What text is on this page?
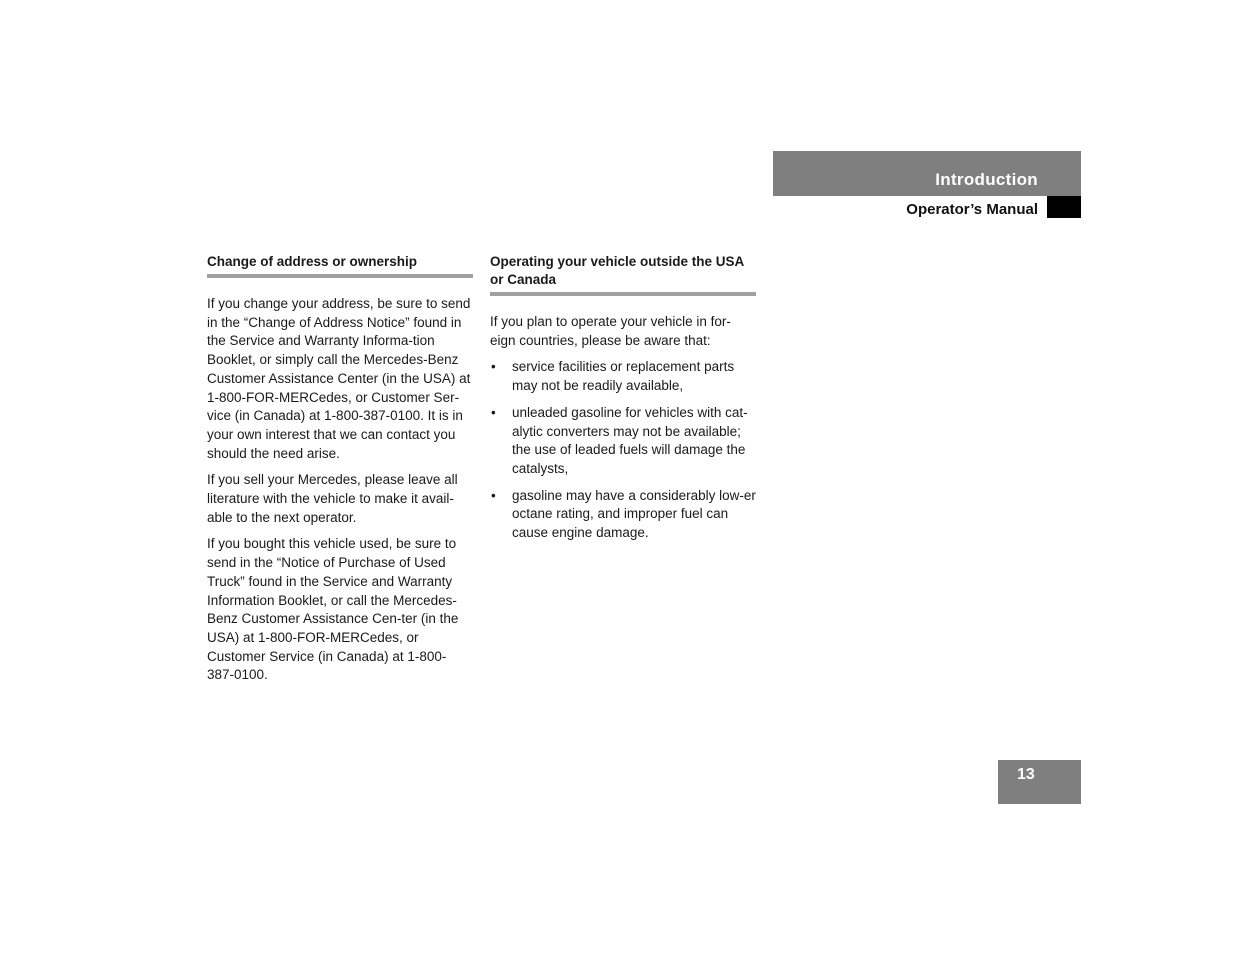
Introduction
Operator’s Manual
Change of address or ownership

If you change your address, be sure to send in the “Change of Address Notice” found in the Service and Warranty Informa-tion Booklet, or simply call the Mercedes-Benz Customer Assistance Center (in the USA) at 1-800-FOR-MERCedes, or Customer Ser-vice (in Canada) at 1-800-387-0100. It is in your own interest that we can contact you should the need arise.

If you sell your Mercedes, please leave all literature with the vehicle to make it avail-able to the next operator.

If you bought this vehicle used, be sure to send in the “Notice of Purchase of Used Truck” found in the Service and Warranty Information Booklet, or call the Mercedes-Benz Customer Assistance Cen-ter (in the USA) at 1-800-FOR-MERCedes, or Customer Service (in Canada) at 1-800-387-0100.

Operating your vehicle outside the USA or Canada

If you plan to operate your vehicle in for-eign countries, please be aware that:

• service facilities or replacement parts may not be readily available,
• unleaded gasoline for vehicles with cat-alytic converters may not be available; the use of leaded fuels will damage the catalysts,
• gasoline may have a considerably low-er octane rating, and improper fuel can cause engine damage.
13
